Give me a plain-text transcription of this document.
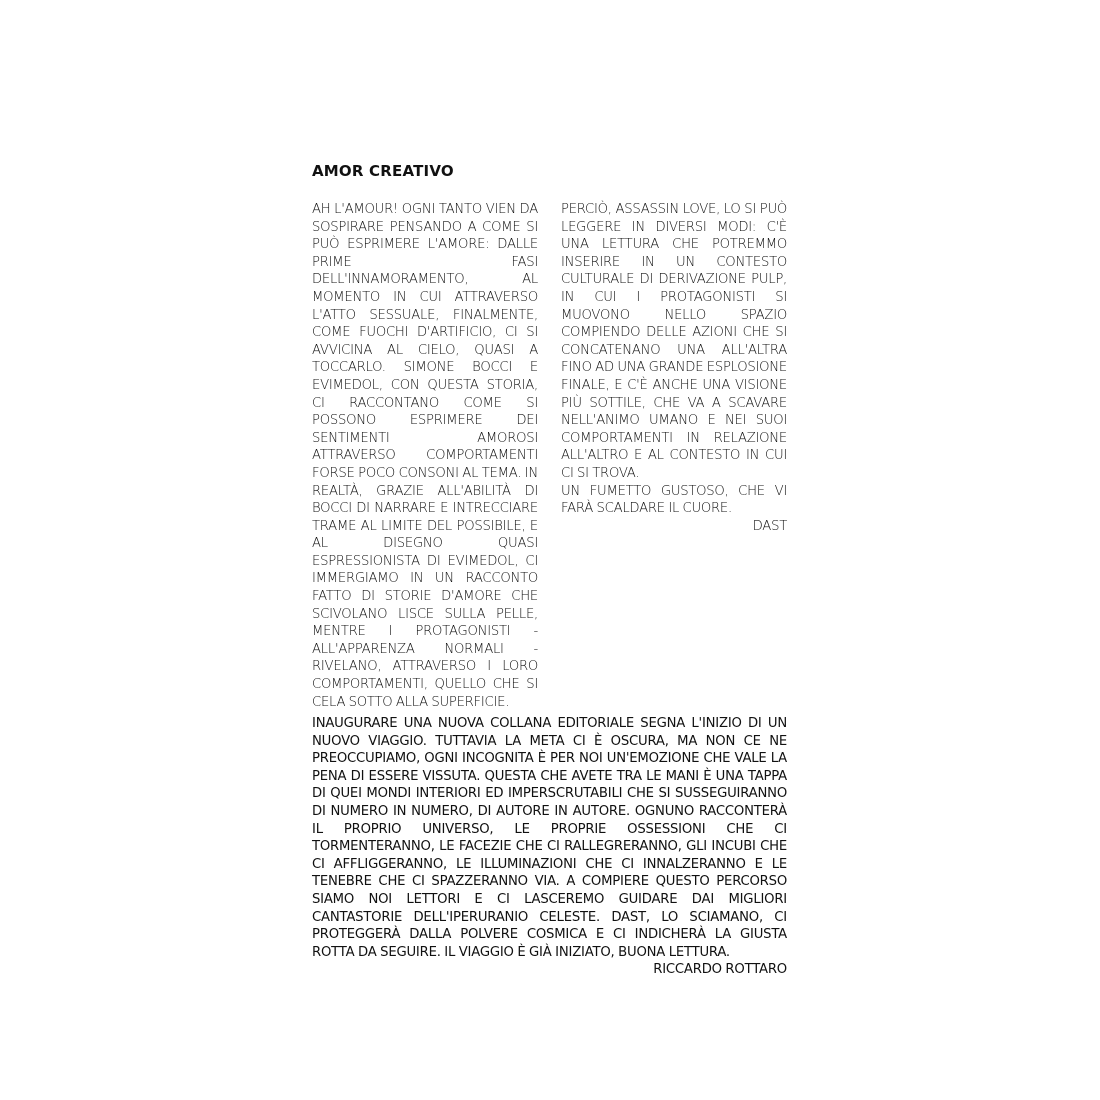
AMOR CREATIVO

AH L'AMOUR! OGNI TANTO VIEN DA SOSPIRARE PENSANDO A COME SI PUÒ ESPRIMERE L'AMORE: DALLE PRIME FASI DELL'INNAMORAMENTO, AL MOMENTO IN CUI ATTRAVERSO L'ATTO SESSUALE, FINALMENTE, COME FUOCHI D'ARTIFICIO, CI SI AVVICINA AL CIELO, QUASI A TOCCARLO. SIMONE BOCCI E EVIMEDOL, CON QUESTA STORIA, CI RACCONTANO COME SI POSSONO ESPRIMERE DEI SENTIMENTI AMOROSI ATTRAVERSO COMPORTAMENTI FORSE POCO CONSONI AL TEMA. IN REALTÀ, GRAZIE ALL'ABILITÀ DI BOCCI DI NARRARE E INTRECCIARE TRAME AL LIMITE DEL POSSIBILE, E AL DISEGNO QUASI ESPRESSIONISTA DI EVIMEDOL, CI IMMERGIAMO IN UN RACCONTO FATTO DI STORIE D'AMORE CHE SCIVOLANO LISCE SULLA PELLE, MENTRE I PROTAGONISTI -ALL'APPARENZA NORMALI - RIVELANO, ATTRAVERSO I LORO COMPORTAMENTI, QUELLO CHE SI CELA SOTTO ALLA SUPERFICIE.

PERCIÒ, ASSASSIN LOVE, LO SI PUÒ LEGGERE IN DIVERSI MODI: C'È UNA LETTURA CHE POTREMMO INSERIRE IN UN CONTESTO CULTURALE DI DERIVAZIONE PULP, IN CUI I PROTAGONISTI SI MUOVONO NELLO SPAZIO COMPIENDO DELLE AZIONI CHE SI CONCATENANO UNA ALL'ALTRA FINO AD UNA GRANDE ESPLOSIONE FINALE, E C'È ANCHE UNA VISIONE PIÙ SOTTILE, CHE VA A SCAVARE NELL'ANIMO UMANO E NEI SUOI COMPORTAMENTI IN RELAZIONE ALL'ALTRO E AL CONTESTO IN CUI CI SI TROVA.

UN FUMETTO GUSTOSO, CHE VI FARÀ SCALDARE IL CUORE.

DAST

INAUGURARE UNA NUOVA COLLANA EDITORIALE SEGNA L'INIZIO DI UN NUOVO VIAGGIO. TUTTAVIA LA META CI È OSCURA, MA NON CE NE PREOCCUPIAMO, OGNI INCOGNITA È PER NOI UN'EMOZIONE CHE VALE LA PENA DI ESSERE VISSUTA. QUESTA CHE AVETE TRA LE MANI È UNA TAPPA DI QUEI MONDI INTERIORI ED IMPERSCRUTABILI CHE SI SUSSEGUIRANNO DI NUMERO IN NUMERO, DI AUTORE IN AUTORE. OGNUNO RACCONTERÀ IL PROPRIO UNIVERSO, LE PROPRIE OSSESSIONI CHE CI TORMENTERANNO, LE FACEZIE CHE CI RALLEGRERANNO, GLI INCUBI CHE CI AFFLIGGERANNO, LE ILLUMINAZIONI CHE CI INNALZERANNO E LE TENEBRE CHE CI SPAZZERANNO VIA. A COMPIERE QUESTO PERCORSO SIAMO NOI LETTORI E CI LASCEREMO GUIDARE DAI MIGLIORI CANTASTORIE DELL'IPERURANIO CELESTE. DAST, LO SCIAMANO, CI PROTEGGERÀ DALLA POLVERE COSMICA E CI INDICHERÀ LA GIUSTA ROTTA DA SEGUIRE. IL VIAGGIO È GIÀ INIZIATO, BUONA LETTURA.

RICCARDO ROTTARO
